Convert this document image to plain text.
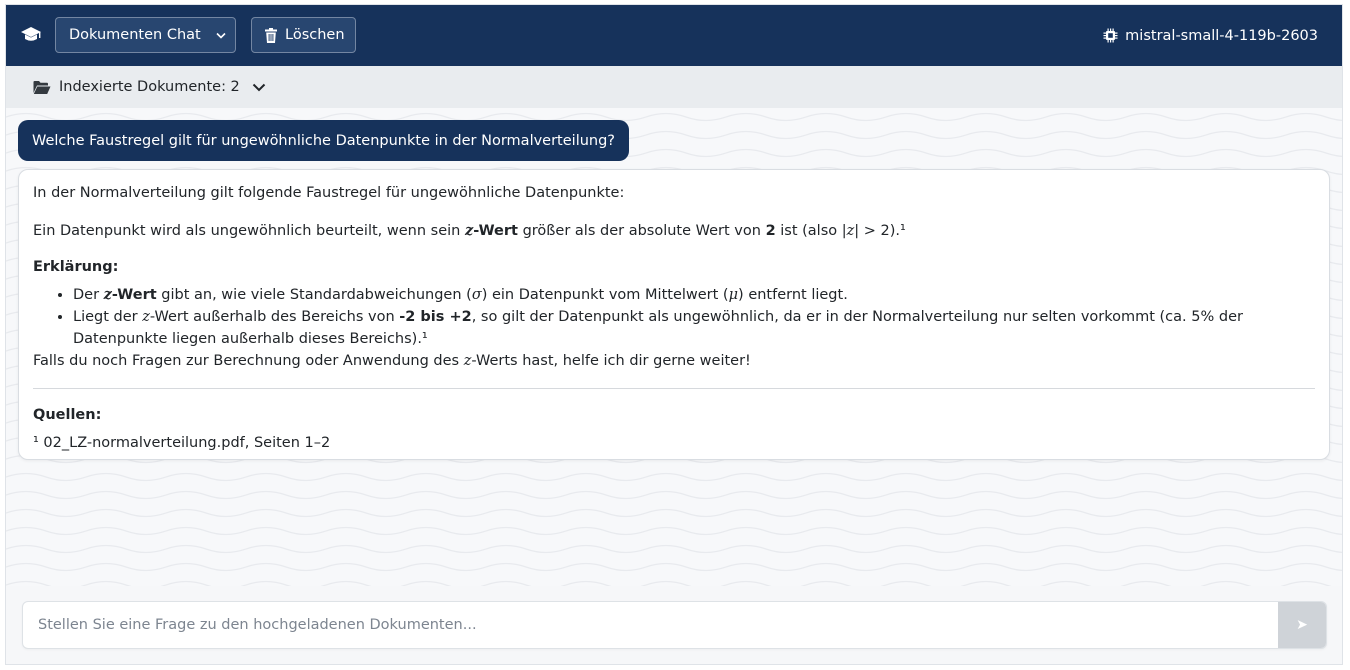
Dokumenten Chat	Löschen	mistral-small-4-119b-2603
Indexierte Dokumente: 2
Welche Faustregel gilt für ungewöhnliche Datenpunkte in der Normalverteilung?

In der Normalverteilung gilt folgende Faustregel für ungewöhnliche Datenpunkte:

Ein Datenpunkt wird als ungewöhnlich beurteilt, wenn sein z-Wert größer als der absolute Wert von 2 ist (also |z| > 2).¹

Erklärung:

• Der z-Wert gibt an, wie viele Standardabweichungen (σ) ein Datenpunkt vom Mittelwert (μ) entfernt liegt.
• Liegt der z-Wert außerhalb des Bereichs von -2 bis +2, so gilt der Datenpunkt als ungewöhnlich, da er in der Normalverteilung nur selten vorkommt (ca. 5% der Datenpunkte liegen außerhalb dieses Bereichs).¹

Falls du noch Fragen zur Berechnung oder Anwendung des z-Werts hast, helfe ich dir gerne weiter!

Quellen:

¹ 02_LZ-normalverteilung.pdf, Seiten 1–2

Stellen Sie eine Frage zu den hochgeladenen Dokumenten...
➤
